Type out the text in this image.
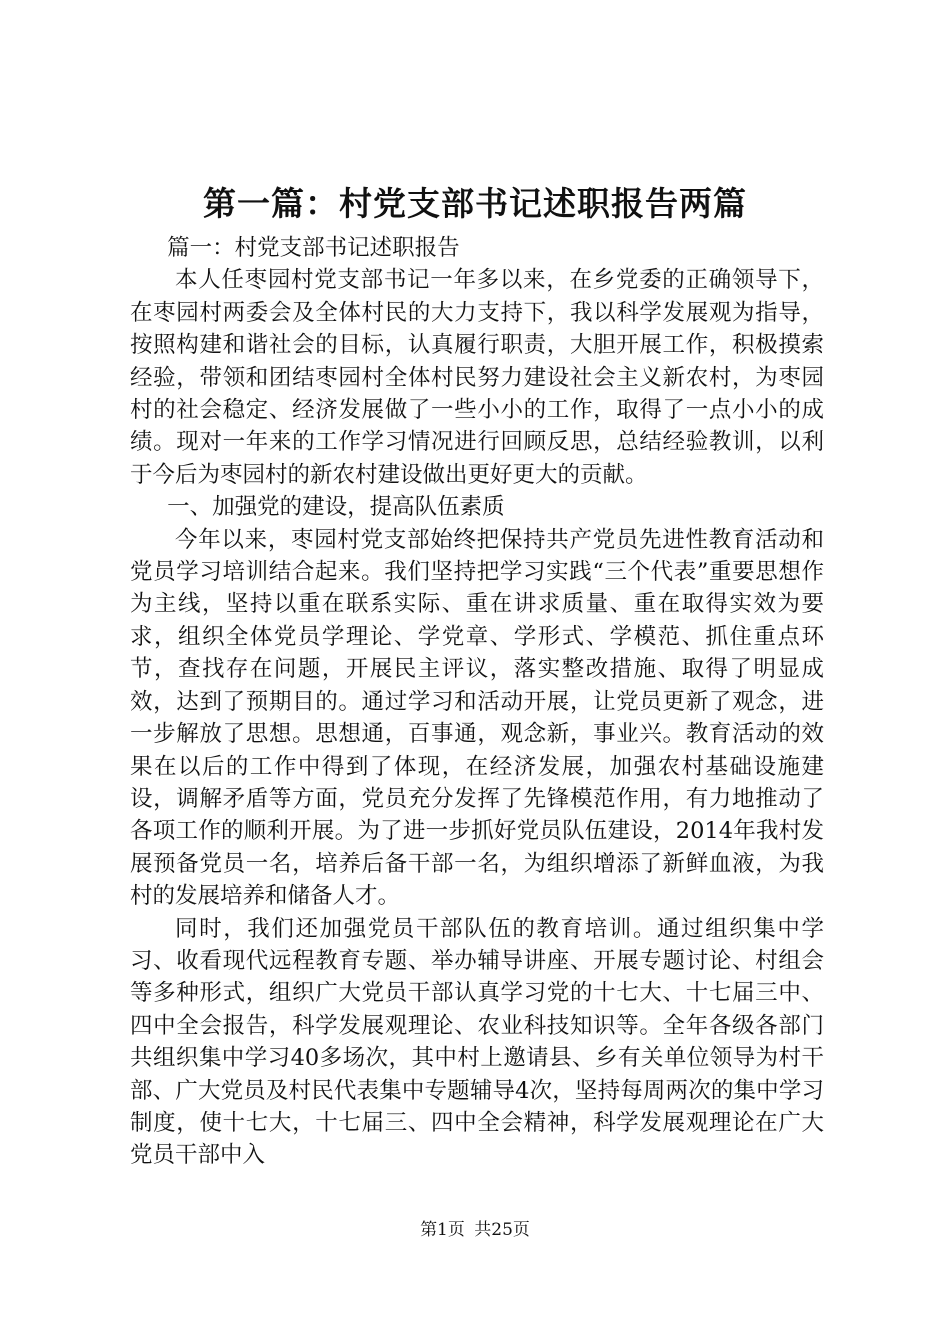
第一篇：村党支部书记述职报告两篇

篇一：村党支部书记述职报告

本人任枣园村党支部书记一年多以来，在乡党委的正确领导下，在枣园村两委会及全体村民的大力支持下，我以科学发展观为指导，按照构建和谐社会的目标，认真履行职责，大胆开展工作，积极摸索经验，带领和团结枣园村全体村民努力建设社会主义新农村，为枣园村的社会稳定、经济发展做了一些小小的工作，取得了一点小小的成绩。现对一年来的工作学习情况进行回顾反思，总结经验教训，以利于今后为枣园村的新农村建设做出更好更大的贡献。

一、加强党的建设，提高队伍素质

今年以来，枣园村党支部始终把保持共产党员先进性教育活动和党员学习培训结合起来。我们坚持把学习实践“三个代表”重要思想作为主线，坚持以重在联系实际、重在讲求质量、重在取得实效为要求，组织全体党员学理论、学党章、学形式、学模范、抓住重点环节，查找存在问题，开展民主评议，落实整改措施、取得了明显成效，达到了预期目的。通过学习和活动开展，让党员更新了观念，进一步解放了思想。思想通，百事通，观念新，事业兴。教育活动的效果在以后的工作中得到了体现，在经济发展，加强农村基础设施建设，调解矛盾等方面，党员充分发挥了先锋模范作用，有力地推动了各项工作的顺利开展。为了进一步抓好党员队伍建设，2014年我村发展预备党员一名，培养后备干部一名，为组织增添了新鲜血液，为我村的发展培养和储备人才。

同时，我们还加强党员干部队伍的教育培训。通过组织集中学习、收看现代远程教育专题、举办辅导讲座、开展专题讨论、村组会等多种形式，组织广大党员干部认真学习党的十七大、十七届三中、四中全会报告，科学发展观理论、农业科技知识等。全年各级各部门共组织集中学习40多场次，其中村上邀请县、乡有关单位领导为村干部、广大党员及村民代表集中专题辅导4次，坚持每周两次的集中学习制度，使十七大，十七届三、四中全会精神，科学发展观理论在广大党员干部中入

第1页 共25页
